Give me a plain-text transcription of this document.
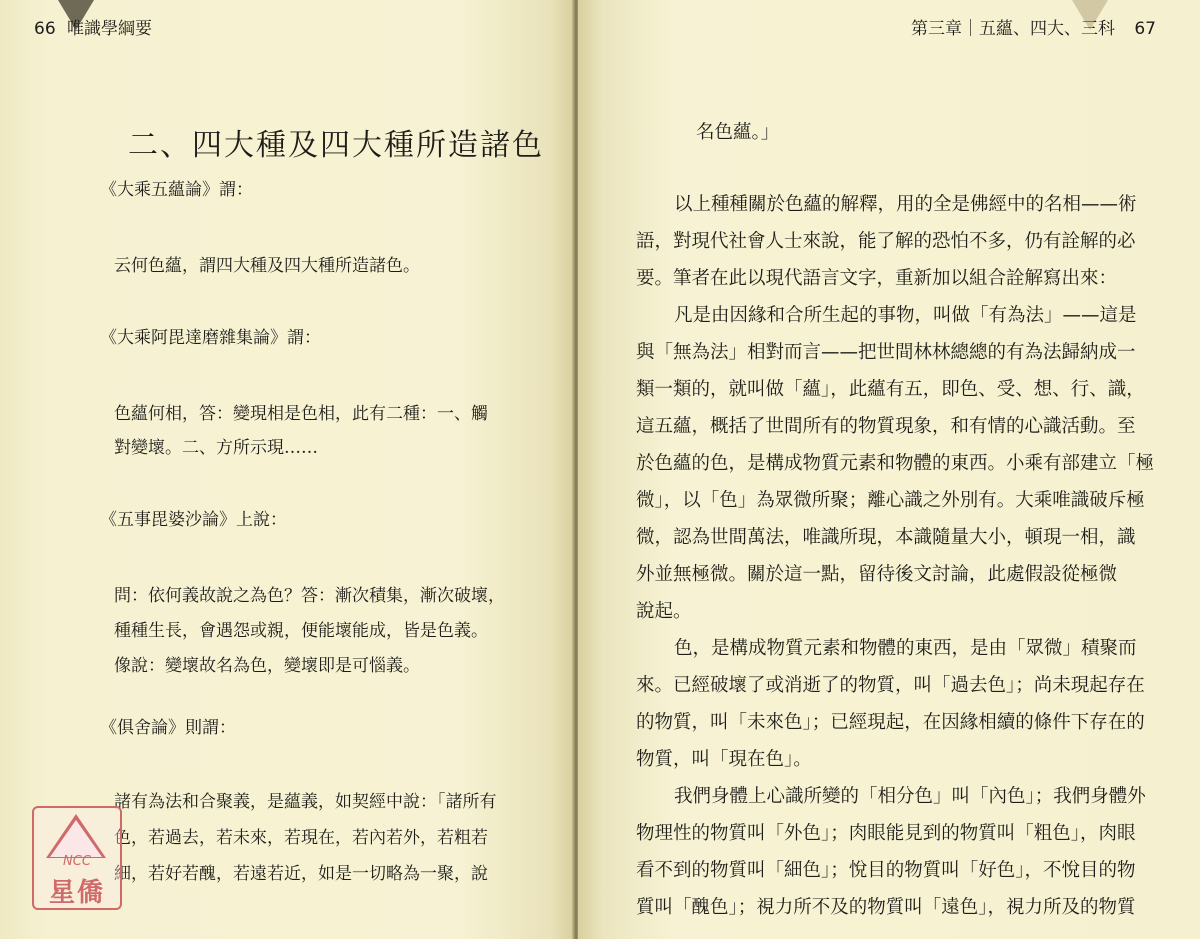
66 唯識學綱要
二、四大種及四大種所造諸色
《大乘五蘊論》謂：
云何色蘊，謂四大種及四大種所造諸色。
《大乘阿毘達磨雜集論》謂：
色蘊何相，答：變現相是色相，此有二種：一、觸
對變壞。二、方所示現……
《五事毘婆沙論》上說：
問：依何義故說之為色？答：漸次積集，漸次破壞，
種種生長，會遇怨或親，便能壞能成，皆是色義。
像說：變壞故名為色，變壞即是可惱義。
《俱舍論》則謂：
諸有為法和合聚義，是蘊義，如契經中說：「諸所有
色，若過去，若未來，若現在，若內若外，若粗若
細，若好若醜，若遠若近，如是一切略為一聚，說
NCC
星僑
第三章｜五蘊、四大、三科 67
名色蘊。」
以上種種關於色蘊的解釋，用的全是佛經中的名相——術
語，對現代社會人士來說，能了解的恐怕不多，仍有詮解的必
要。筆者在此以現代語言文字，重新加以組合詮解寫出來：
凡是由因緣和合所生起的事物，叫做「有為法」——這是
與「無為法」相對而言——把世間林林總總的有為法歸納成一
類一類的，就叫做「蘊」，此蘊有五，即色、受、想、行、識，
這五蘊，概括了世間所有的物質現象，和有情的心識活動。至
於色蘊的色，是構成物質元素和物體的東西。小乘有部建立「極
微」，以「色」為眾微所聚；離心識之外別有。大乘唯識破斥極
微，認為世間萬法，唯識所現，本識隨量大小，頓現一相，識
外並無極微。關於這一點，留待後文討論，此處假設從極微
說起。
色，是構成物質元素和物體的東西，是由「眾微」積聚而
來。已經破壞了或消逝了的物質，叫「過去色」；尚未現起存在
的物質，叫「未來色」；已經現起，在因緣相續的條件下存在的
物質，叫「現在色」。
我們身體上心識所變的「相分色」叫「內色」；我們身體外
物理性的物質叫「外色」；肉眼能見到的物質叫「粗色」，肉眼
看不到的物質叫「細色」；悅目的物質叫「好色」，不悅目的物
質叫「醜色」；視力所不及的物質叫「遠色」，視力所及的物質
